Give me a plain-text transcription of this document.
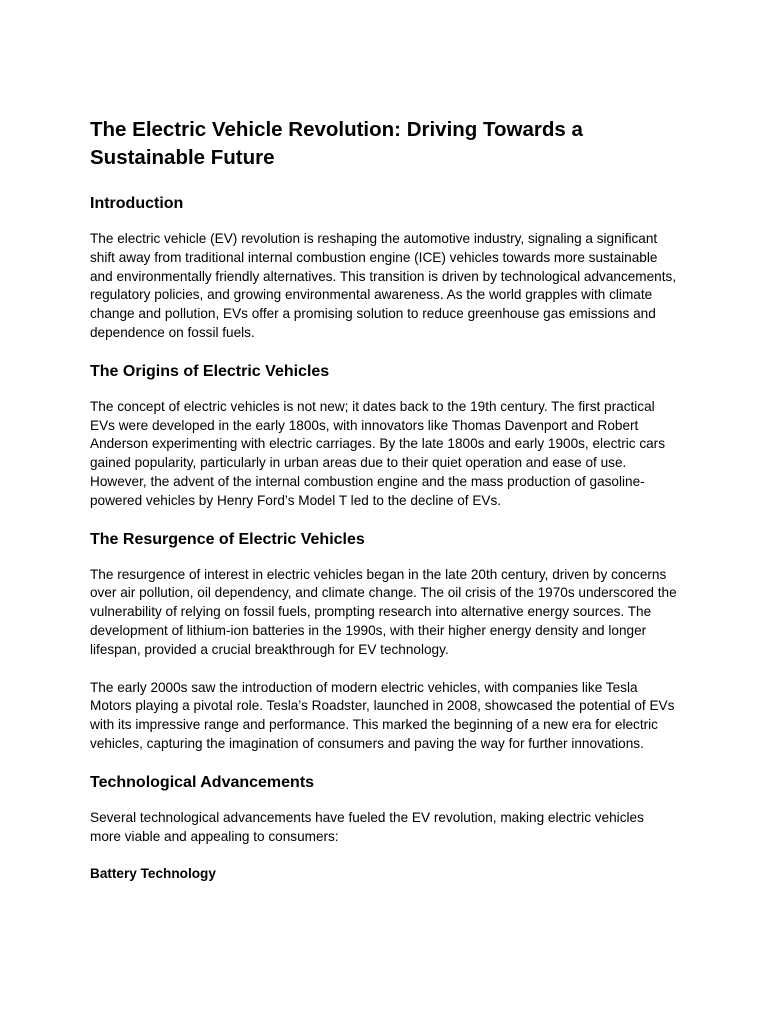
The Electric Vehicle Revolution: Driving Towards a Sustainable Future
Introduction

The electric vehicle (EV) revolution is reshaping the automotive industry, signaling a significant shift away from traditional internal combustion engine (ICE) vehicles towards more sustainable and environmentally friendly alternatives. This transition is driven by technological advancements, regulatory policies, and growing environmental awareness. As the world grapples with climate change and pollution, EVs offer a promising solution to reduce greenhouse gas emissions and dependence on fossil fuels.

The Origins of Electric Vehicles

The concept of electric vehicles is not new; it dates back to the 19th century. The first practical EVs were developed in the early 1800s, with innovators like Thomas Davenport and Robert Anderson experimenting with electric carriages. By the late 1800s and early 1900s, electric cars gained popularity, particularly in urban areas due to their quiet operation and ease of use. However, the advent of the internal combustion engine and the mass production of gasoline-powered vehicles by Henry Ford’s Model T led to the decline of EVs.

The Resurgence of Electric Vehicles

The resurgence of interest in electric vehicles began in the late 20th century, driven by concerns over air pollution, oil dependency, and climate change. The oil crisis of the 1970s underscored the vulnerability of relying on fossil fuels, prompting research into alternative energy sources. The development of lithium-ion batteries in the 1990s, with their higher energy density and longer lifespan, provided a crucial breakthrough for EV technology.

The early 2000s saw the introduction of modern electric vehicles, with companies like Tesla Motors playing a pivotal role. Tesla’s Roadster, launched in 2008, showcased the potential of EVs with its impressive range and performance. This marked the beginning of a new era for electric vehicles, capturing the imagination of consumers and paving the way for further innovations.

Technological Advancements

Several technological advancements have fueled the EV revolution, making electric vehicles more viable and appealing to consumers:

Battery Technology
